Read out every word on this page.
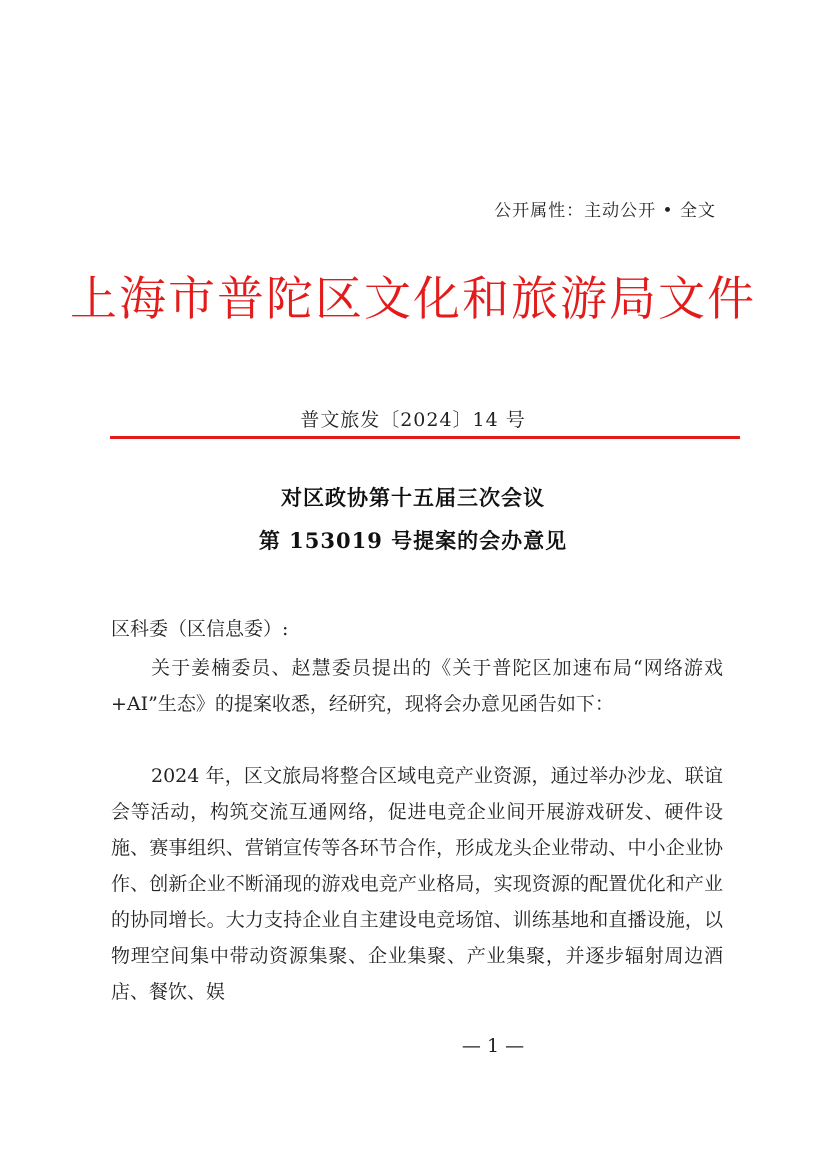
公开属性：主动公开 • 全文
上海市普陀区文化和旅游局文件
普文旅发〔2024〕14 号
对区政协第十五届三次会议
第 153019 号提案的会办意见
区科委（区信息委）:
关于姜楠委员、赵慧委员提出的《关于普陀区加速布局“网络游戏+AI”生态》的提案收悉，经研究，现将会办意见函告如下：
2024 年，区文旅局将整合区域电竞产业资源，通过举办沙龙、联谊会等活动，构筑交流互通网络，促进电竞企业间开展游戏研发、硬件设施、赛事组织、营销宣传等各环节合作，形成龙头企业带动、中小企业协作、创新企业不断涌现的游戏电竞产业格局，实现资源的配置优化和产业的协同增长。大力支持企业自主建设电竞场馆、训练基地和直播设施，以物理空间集中带动资源集聚、企业集聚、产业集聚，并逐步辐射周边酒店、餐饮、娱
— 1 —
